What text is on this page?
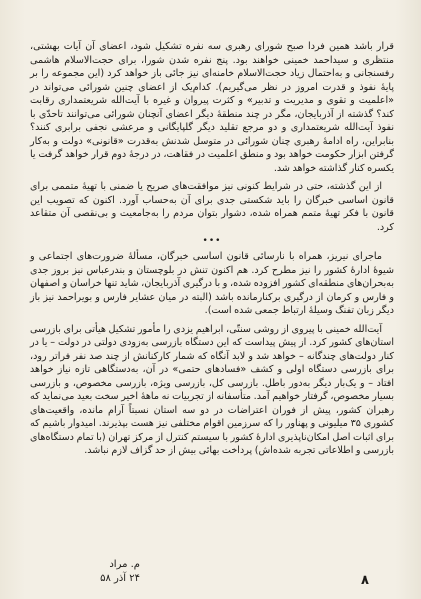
قرار باشد همین فردا صبح شورای رهبری سه نفره تشکیل شود، اعضای آن آیات بهشتی، منتظری و سیداحمد خمینی خواهند بود. پنج نفره شدن شورا، برای حجت‌الاسلام هاشمی رفسنجانی و به‌احتمال زیاد حجت‌الاسلام خامنه‌ای نیز جائی باز خواهد کرد (این مجموعه را بر پایهٔ نفوذ و قدرت امروز در نظر می‌گیریم). کدام‌یک از اعضای چنین شورائی می‌تواند در «اعلمیت و تقوی و مدیریت و تدبیر» و کثرت پیروان و غیره با آیت‌الله شریعتمداری رقابت کند؟ گذشته از آذربایجان، مگر در چند منطقهٔ دیگر اعضای آنچنان شورائی می‌توانند تاحدّی با نفوذ آیت‌الله شریعتمداری و دو مرجع تقلید دیگر گلپایگانی و مرعشی نجفی برابری کنند؟ بنابراین، راه ادامهٔ رهبری چنان شورائی در متوسل شدنش به‌قدرت «قانونی» دولت و به‌کار گرفتن ابزار حکومت خواهد بود و منطق اعلمیت در فقاهت، در درجهٔ دوم قرار خواهد گرفت یا یکسره کنار گذاشته خواهد شد.

از این گذشته، حتی در شرایط کنونی نیز موافقت‌های صریح یا ضمنی با تهیهٔ متممی برای قانون اساسی خبرگان را باید شکستی جدی برای آن به‌حساب آورد. اکنون که تصویب این قانون با فکر تهیهٔ متمم همراه شده، دشوار بتوان مردم را به‌جامعیت و بی‌نقصی آن متقاعد کرد.

•••

ماجرای نیریز، همراه با نارسائی قانون اساسی خبرگان، مسألهٔ ضرورت‌های اجتماعی و شیوهٔ ادارهٔ کشور را نیز مطرح کرد. هم اکنون تنش در بلوچستان و بندرعباس نیز بروز جدی به‌بحران‌های منطقه‌ای کشور افزوده شده، و با درگیری آذربایجان، شاید تنها خراسان و اصفهان و فارس و کرمان از درگیری برکنارمانده باشد (البته در میان عشایر فارس و بویراحمد نیز باز دیگر زبان تفنگ وسیلهٔ ارتباط جمعی شده است).

آیت‌الله خمینی با پیروی از روشی سنتّی، ابراهیم یزدی را مأمور تشکیل هیأتی برای بازرسی استان‌های کشور کرد. از پیش پیداست که این دستگاه بازرسی به‌زودی دولتی در دولت – یا در کنار دولت‌های چندگانه – خواهد شد و لابد آنگاه که شمار کارکنانش از چند صد نفر فراتر رود، برای بازرسی دستگاه اولی و کشف «فسادهای حتمی» در آن، به‌دستگاهی تازه نیاز خواهد افتاد – و یک‌بار دیگر به‌دور باطل. بازرسی کل، بازرسی ویژه، بازرسی مخصوص، و بازرسی بسیار مخصوص، گرفتار خواهیم آمد. متأسفانه از تجربیات نه ماههٔ اخیر سخت بعید می‌نماید که رهبران کشور، پیش از فوران اعتراضات در دو سه استان نسبتاً آرام مانده، واقعیت‌های کشوری ۳۵ میلیونی و پهناور را که سرزمین اقوام مختلفی نیز هست بپذیرند. امیدوار باشیم که برای اثبات اصل امکان‌ناپذیری ادارهٔ کشور با سیستم کنترل از مرکز تهران (با تمام دستگاه‌های بازرسی و اطلاعاتی تجربه شده‌اش) پرداخت بهائی بیش از حد گزاف لازم نباشد.

م. مراد
۲۴ آذر ۵۸	۸
